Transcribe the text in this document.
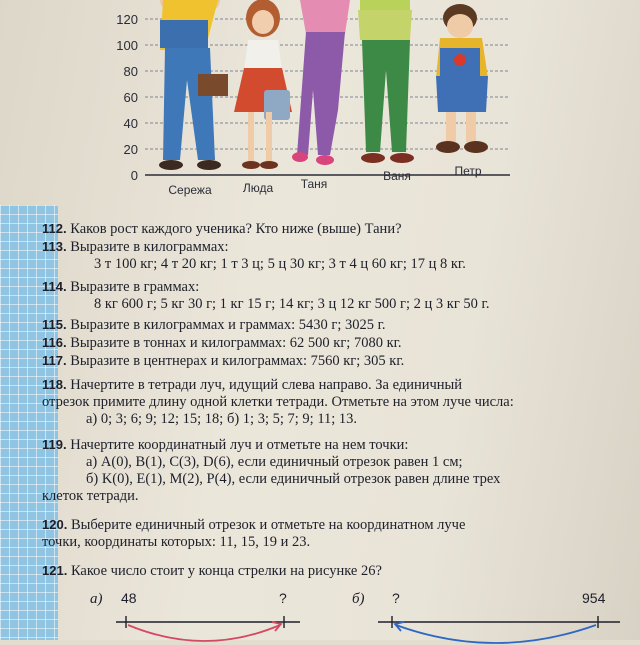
0
20
40
60
80
100
120
Сережа	Люда Таня
Ваня	Петр
112. Каков рост каждого ученика? Кто ниже (выше) Тани?
113. Выразите в килограммах:
3 т 100 кг; 4 т 20 кг; 1 т 3 ц; 5 ц 30 кг; 3 т 4 ц 60 кг; 17 ц 8 кг.
114. Выразите в граммах:
8 кг 600 г; 5 кг 30 г; 1 кг 15 г; 14 кг; 3 ц 12 кг 500 г; 2 ц 3 кг 50 г.
115. Выразите в килограммах и граммах: 5430 г; 3025 г.
116. Выразите в тоннах и килограммах: 62 500 кг; 7080 кг.
117. Выразите в центнерах и килограммах: 7560 кг; 305 кг.
118. Начертите в тетради луч, идущий слева направо. За единичный
отрезок примите длину одной клетки тетради. Отметьте на этом луче числа:
а) 0; 3; 6; 9; 12; 15; 18; б) 1; 3; 5; 7; 9; 11; 13.
119. Начертите координатный луч и отметьте на нем точки:
а) A(0), B(1), C(3), D(6), если единичный отрезок равен 1 см;
б) K(0), E(1), M(2), P(4), если единичный отрезок равен длине трех
клеток тетради.
120. Выберите единичный отрезок и отметьте на координатном луче
точки, координаты которых: 11, 15, 19 и 23.
121. Какое число стоит у конца стрелки на рисунке 26?
а) 48	?	б) ?	954
